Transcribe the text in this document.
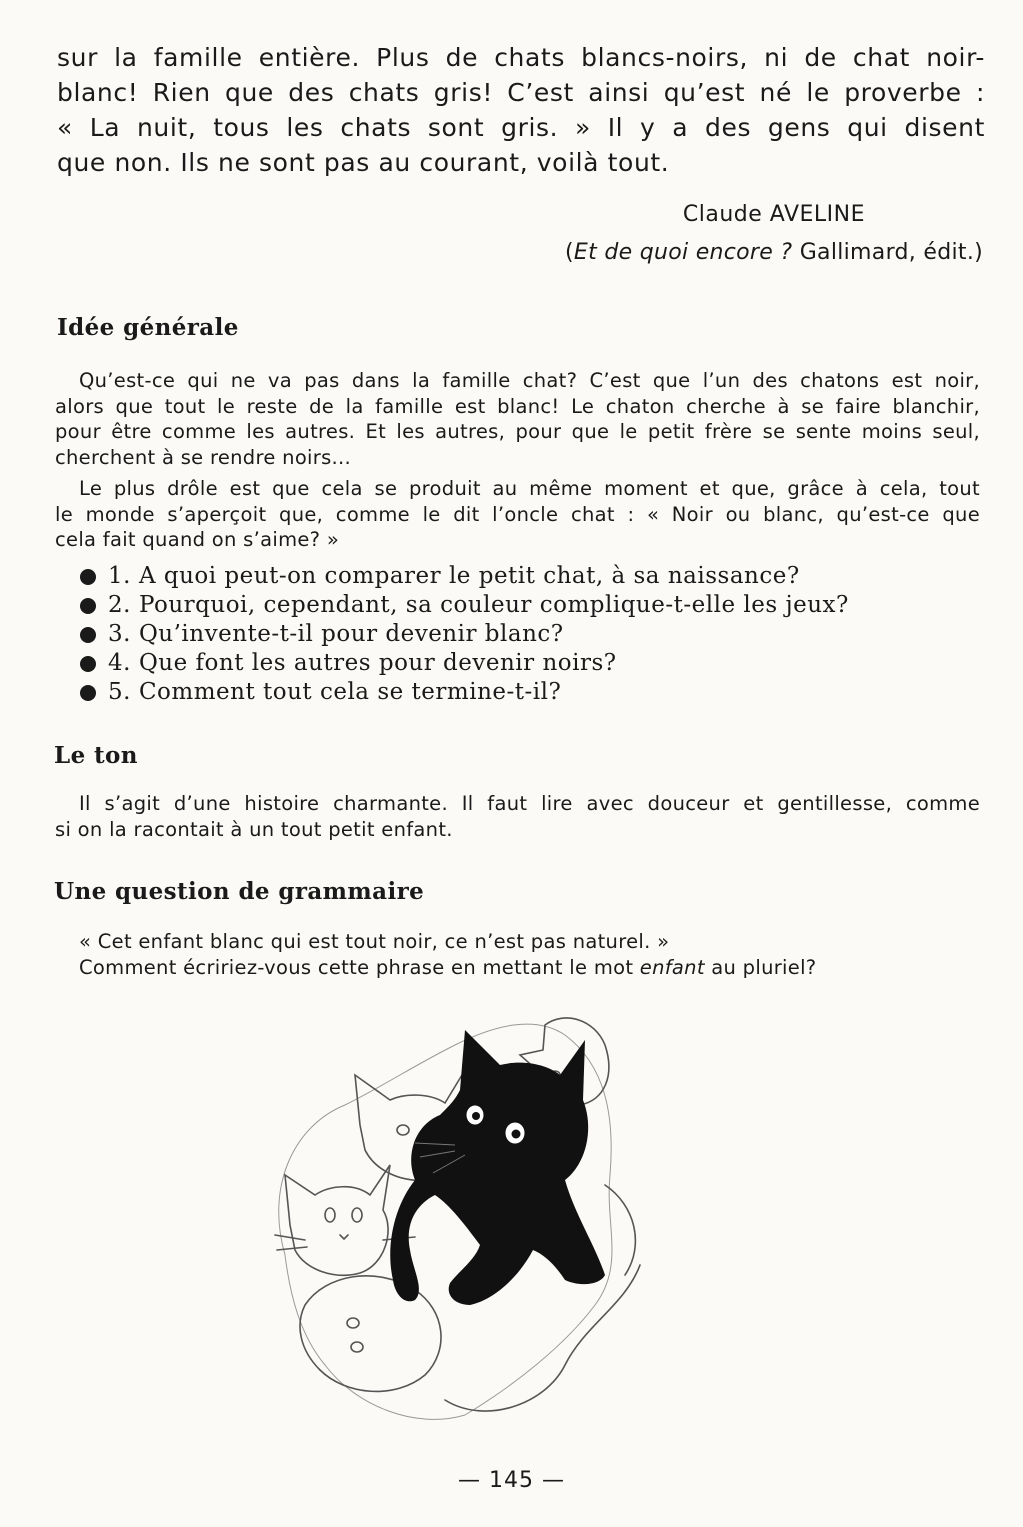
sur la famille entière. Plus de chats blancs-noirs, ni de chat noir-
blanc! Rien que des chats gris! C’est ainsi qu’est né le proverbe :
« La nuit, tous les chats sont gris. » Il y a des gens qui disent
que non. Ils ne sont pas au courant, voilà tout.
Claude AVELINE
(Et de quoi encore ? Gallimard, édit.)
Idée générale
Qu’est-ce qui ne va pas dans la famille chat? C’est que l’un des chatons est noir,
alors que tout le reste de la famille est blanc! Le chaton cherche à se faire blanchir,
pour être comme les autres. Et les autres, pour que le petit frère se sente moins seul,
cherchent à se rendre noirs...
Le plus drôle est que cela se produit au même moment et que, grâce à cela, tout
le monde s’aperçoit que, comme le dit l’oncle chat : « Noir ou blanc, qu’est-ce que
cela fait quand on s’aime? »
1. A quoi peut-on comparer le petit chat, à sa naissance?
2. Pourquoi, cependant, sa couleur complique-t-elle les jeux?
3. Qu’invente-t-il pour devenir blanc?
4. Que font les autres pour devenir noirs?
5. Comment tout cela se termine-t-il?
Le ton
Il s’agit d’une histoire charmante. Il faut lire avec douceur et gentillesse, comme
si on la racontait à un tout petit enfant.
Une question de grammaire
« Cet enfant blanc qui est tout noir, ce n’est pas naturel. »
Comment écririez-vous cette phrase en mettant le mot enfant au pluriel?
— 145 —
